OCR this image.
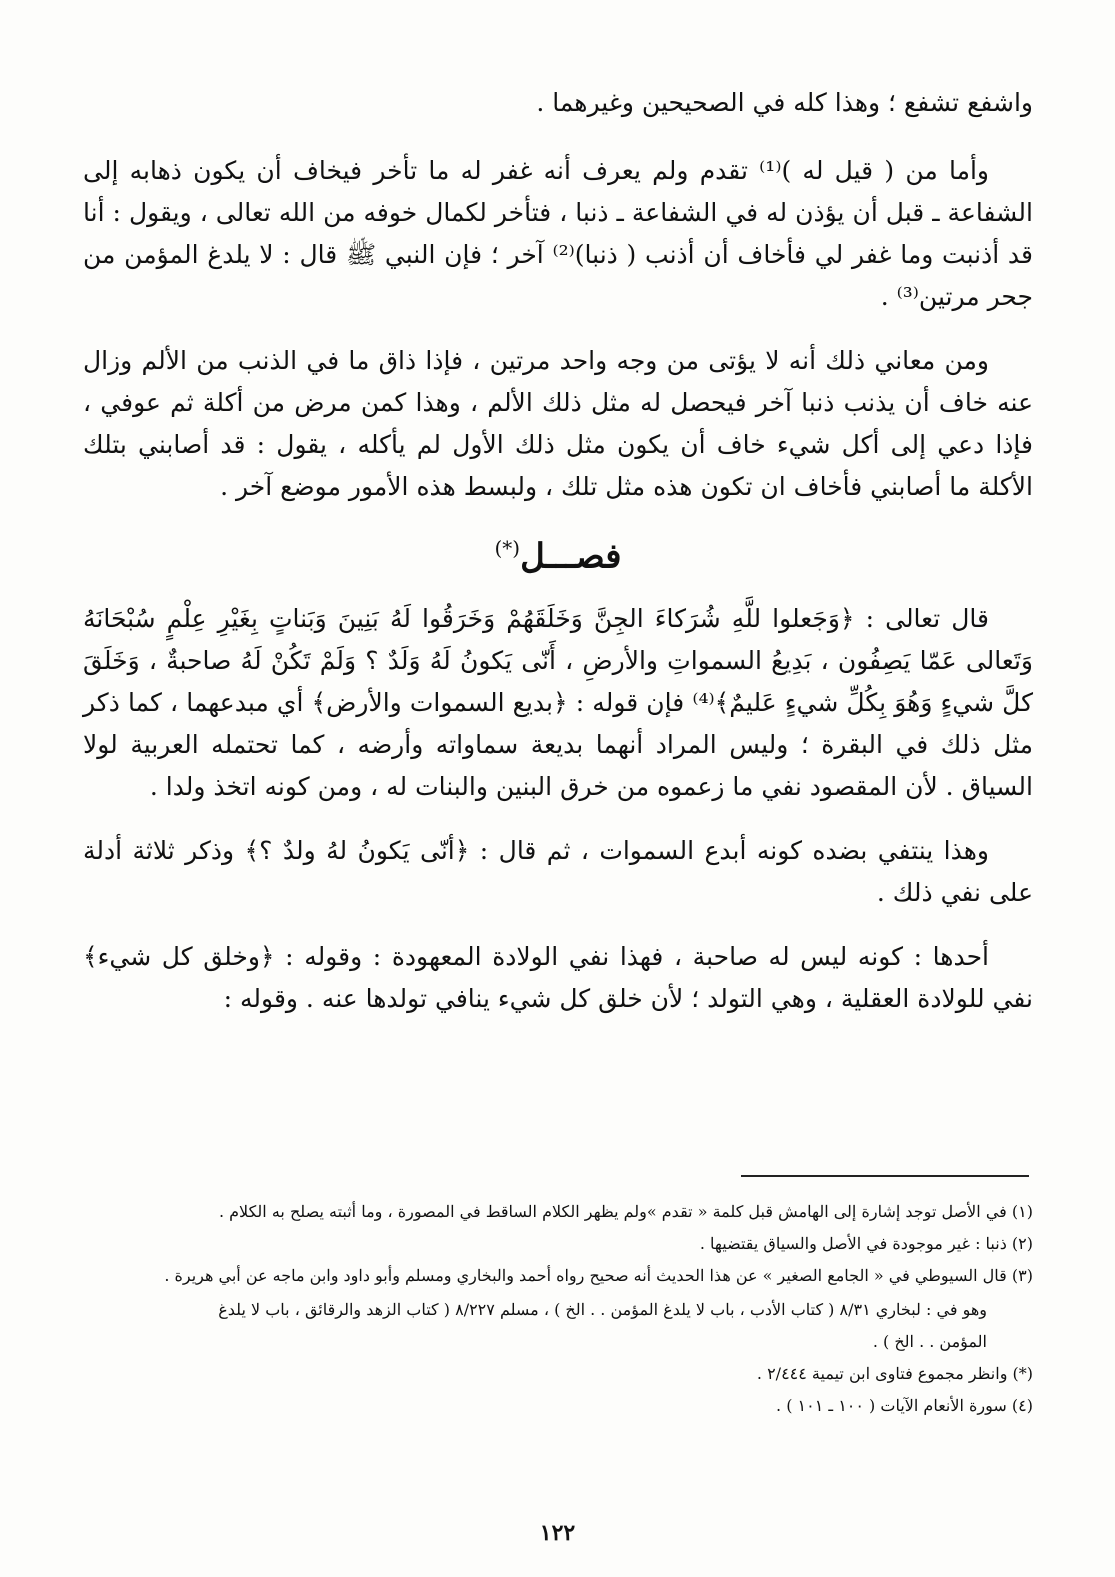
واشفع تشفع ؛ وهذا كله في الصحيحين وغيرهما .

وأما من ( قيل له )⁽¹⁾ تقدم ولم يعرف أنه غفر له ما تأخر فيخاف أن يكون ذهابه إلى الشفاعة ـ قبل أن يؤذن له في الشفاعة ـ ذنبا ، فتأخر لكمال خوفه من الله تعالى ، ويقول : أنا قد أذنبت وما غفر لي فأخاف أن أذنب ( ذنبا)⁽²⁾ آخر ؛ فإن النبي ﷺ قال : لا يلدغ المؤمن من جحر مرتين⁽³⁾ .

ومن معاني ذلك أنه لا يؤتى من وجه واحد مرتين ، فإذا ذاق ما في الذنب من الألم وزال عنه خاف أن يذنب ذنبا آخر فيحصل له مثل ذلك الألم ، وهذا كمن مرض من أكلة ثم عوفي ، فإذا دعي إلى أكل شيء خاف أن يكون مثل ذلك الأول لم يأكله ، يقول : قد أصابني بتلك الأكلة ما أصابني فأخاف ان تكون هذه مثل تلك ، ولبسط هذه الأمور موضع آخر .

فصـــل(*)

قال تعالى : ﴿وَجَعلوا للَّهِ شُرَكاءَ الجِنَّ وَخَلَقَهُمْ وَخَرَقُوا لَهُ بَنِينَ وَبَناتٍ بِغَيْرِ عِلْمٍ سُبْحَانَهُ وَتَعالى عَمّا يَصِفُون ، بَدِيعُ السمواتِ والأرضِ ، أَنّى يَكونُ لَهُ وَلَدٌ ؟ وَلَمْ تَكُنْ لَهُ صاحبةٌ ، وَخَلَقَ كلَّ شيءٍ وَهُوَ بِكُلِّ شيءٍ عَليمٌ﴾⁽⁴⁾ فإن قوله : ﴿بديع السموات والأرض﴾ أي مبدعهما ، كما ذكر مثل ذلك في البقرة ؛ وليس المراد أنهما بديعة سماواته وأرضه ، كما تحتمله العربية لولا السياق . لأن المقصود نفي ما زعموه من خرق البنين والبنات له ، ومن كونه اتخذ ولدا .

وهذا ينتفي بضده كونه أبدع السموات ، ثم قال : ﴿أنّى يَكونُ لهُ ولدٌ ؟﴾ وذكر ثلاثة أدلة على نفي ذلك .

أحدها : كونه ليس له صاحبة ، فهذا نفي الولادة المعهودة : وقوله : ﴿وخلق كل شيء﴾ نفي للولادة العقلية ، وهي التولد ؛ لأن خلق كل شيء ينافي تولدها عنه . وقوله :

(١) في الأصل توجد إشارة إلى الهامش قبل كلمة « تقدم »ولم يظهر الكلام الساقط في المصورة ، وما أثبته يصلح به الكلام .

(٢) ذنبا : غير موجودة في الأصل والسياق يقتضيها .

(٣) قال السيوطي في « الجامع الصغير » عن هذا الحديث أنه صحيح رواه أحمد والبخاري ومسلم وأبو داود وابن ماجه عن أبي هريرة .

وهو في : لبخاري ٨/٣١ ( كتاب الأدب ، باب لا يلدغ المؤمن . . الخ ) ، مسلم ٨/٢٢٧ ( كتاب الزهد والرقائق ، باب لا يلدغ

المؤمن . . الخ ) .

(*) وانظر مجموع فتاوى ابن تيمية ٢/٤٤٤ .

(٤) سورة الأنعام الآيات ( ١٠٠ ـ ١٠١ ) .

١٢٢
